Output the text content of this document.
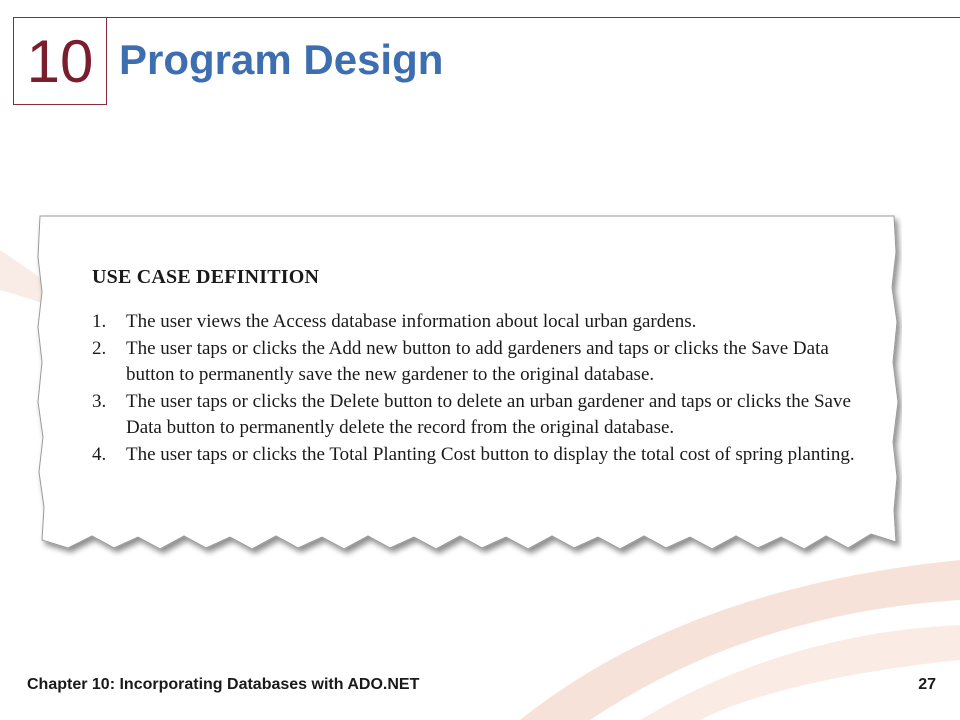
10 Program Design
USE CASE DEFINITION
1.	The user views the Access database information about local urban gardens.
2.	The user taps or clicks the Add new button to add gardeners and taps or clicks the Save Data button to permanently save the new gardener to the original database.
3.	The user taps or clicks the Delete button to delete an urban gardener and taps or clicks the Save Data button to permanently delete the record from the original database.
4.	The user taps or clicks the Total Planting Cost button to display the total cost of spring planting.
Chapter 10: Incorporating Databases with ADO.NET	27
